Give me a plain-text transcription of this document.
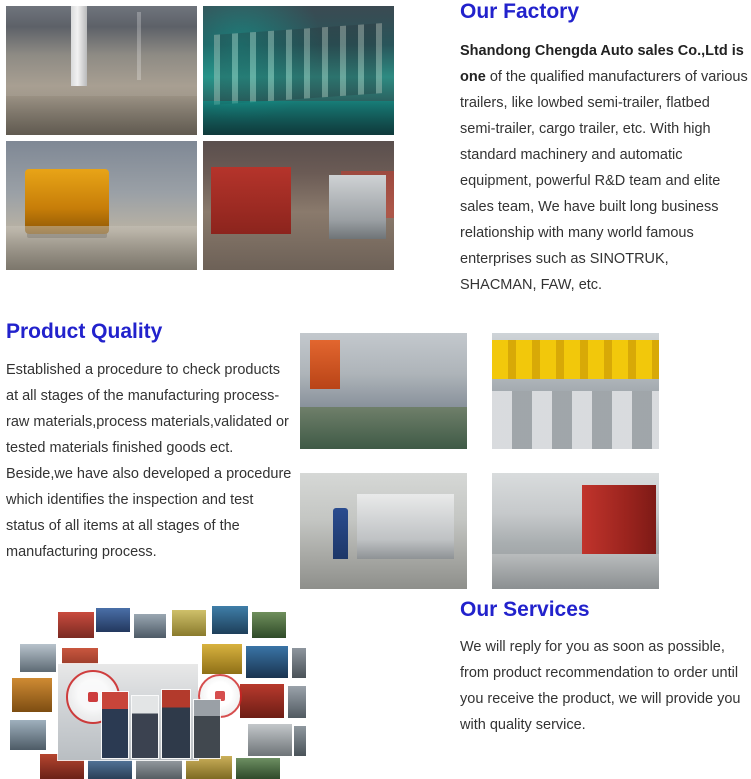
Our Factory
Shandong Chengda Auto sales Co.,Ltd is one of the qualified manufacturers of various trailers, like lowbed semi-trailer, flatbed semi-trailer, cargo trailer, etc. With high standard machinery and automatic equipment, powerful R&D team and elite sales team, We have built long business relationship with many world famous enterprises such as SINOTRUK, SHACMAN, FAW, etc.
Product Quality
Established a procedure to check products at all stages of the manufacturing process-raw materials,process materials,validated or tested materials finished goods ect. Beside,we have also developed a procedure which identifies the inspection and test status of all items at all stages of the manufacturing process.
Our Services
We will reply for you as soon as possible, from product recommendation to order until you receive the product, we will provide you with quality service.
